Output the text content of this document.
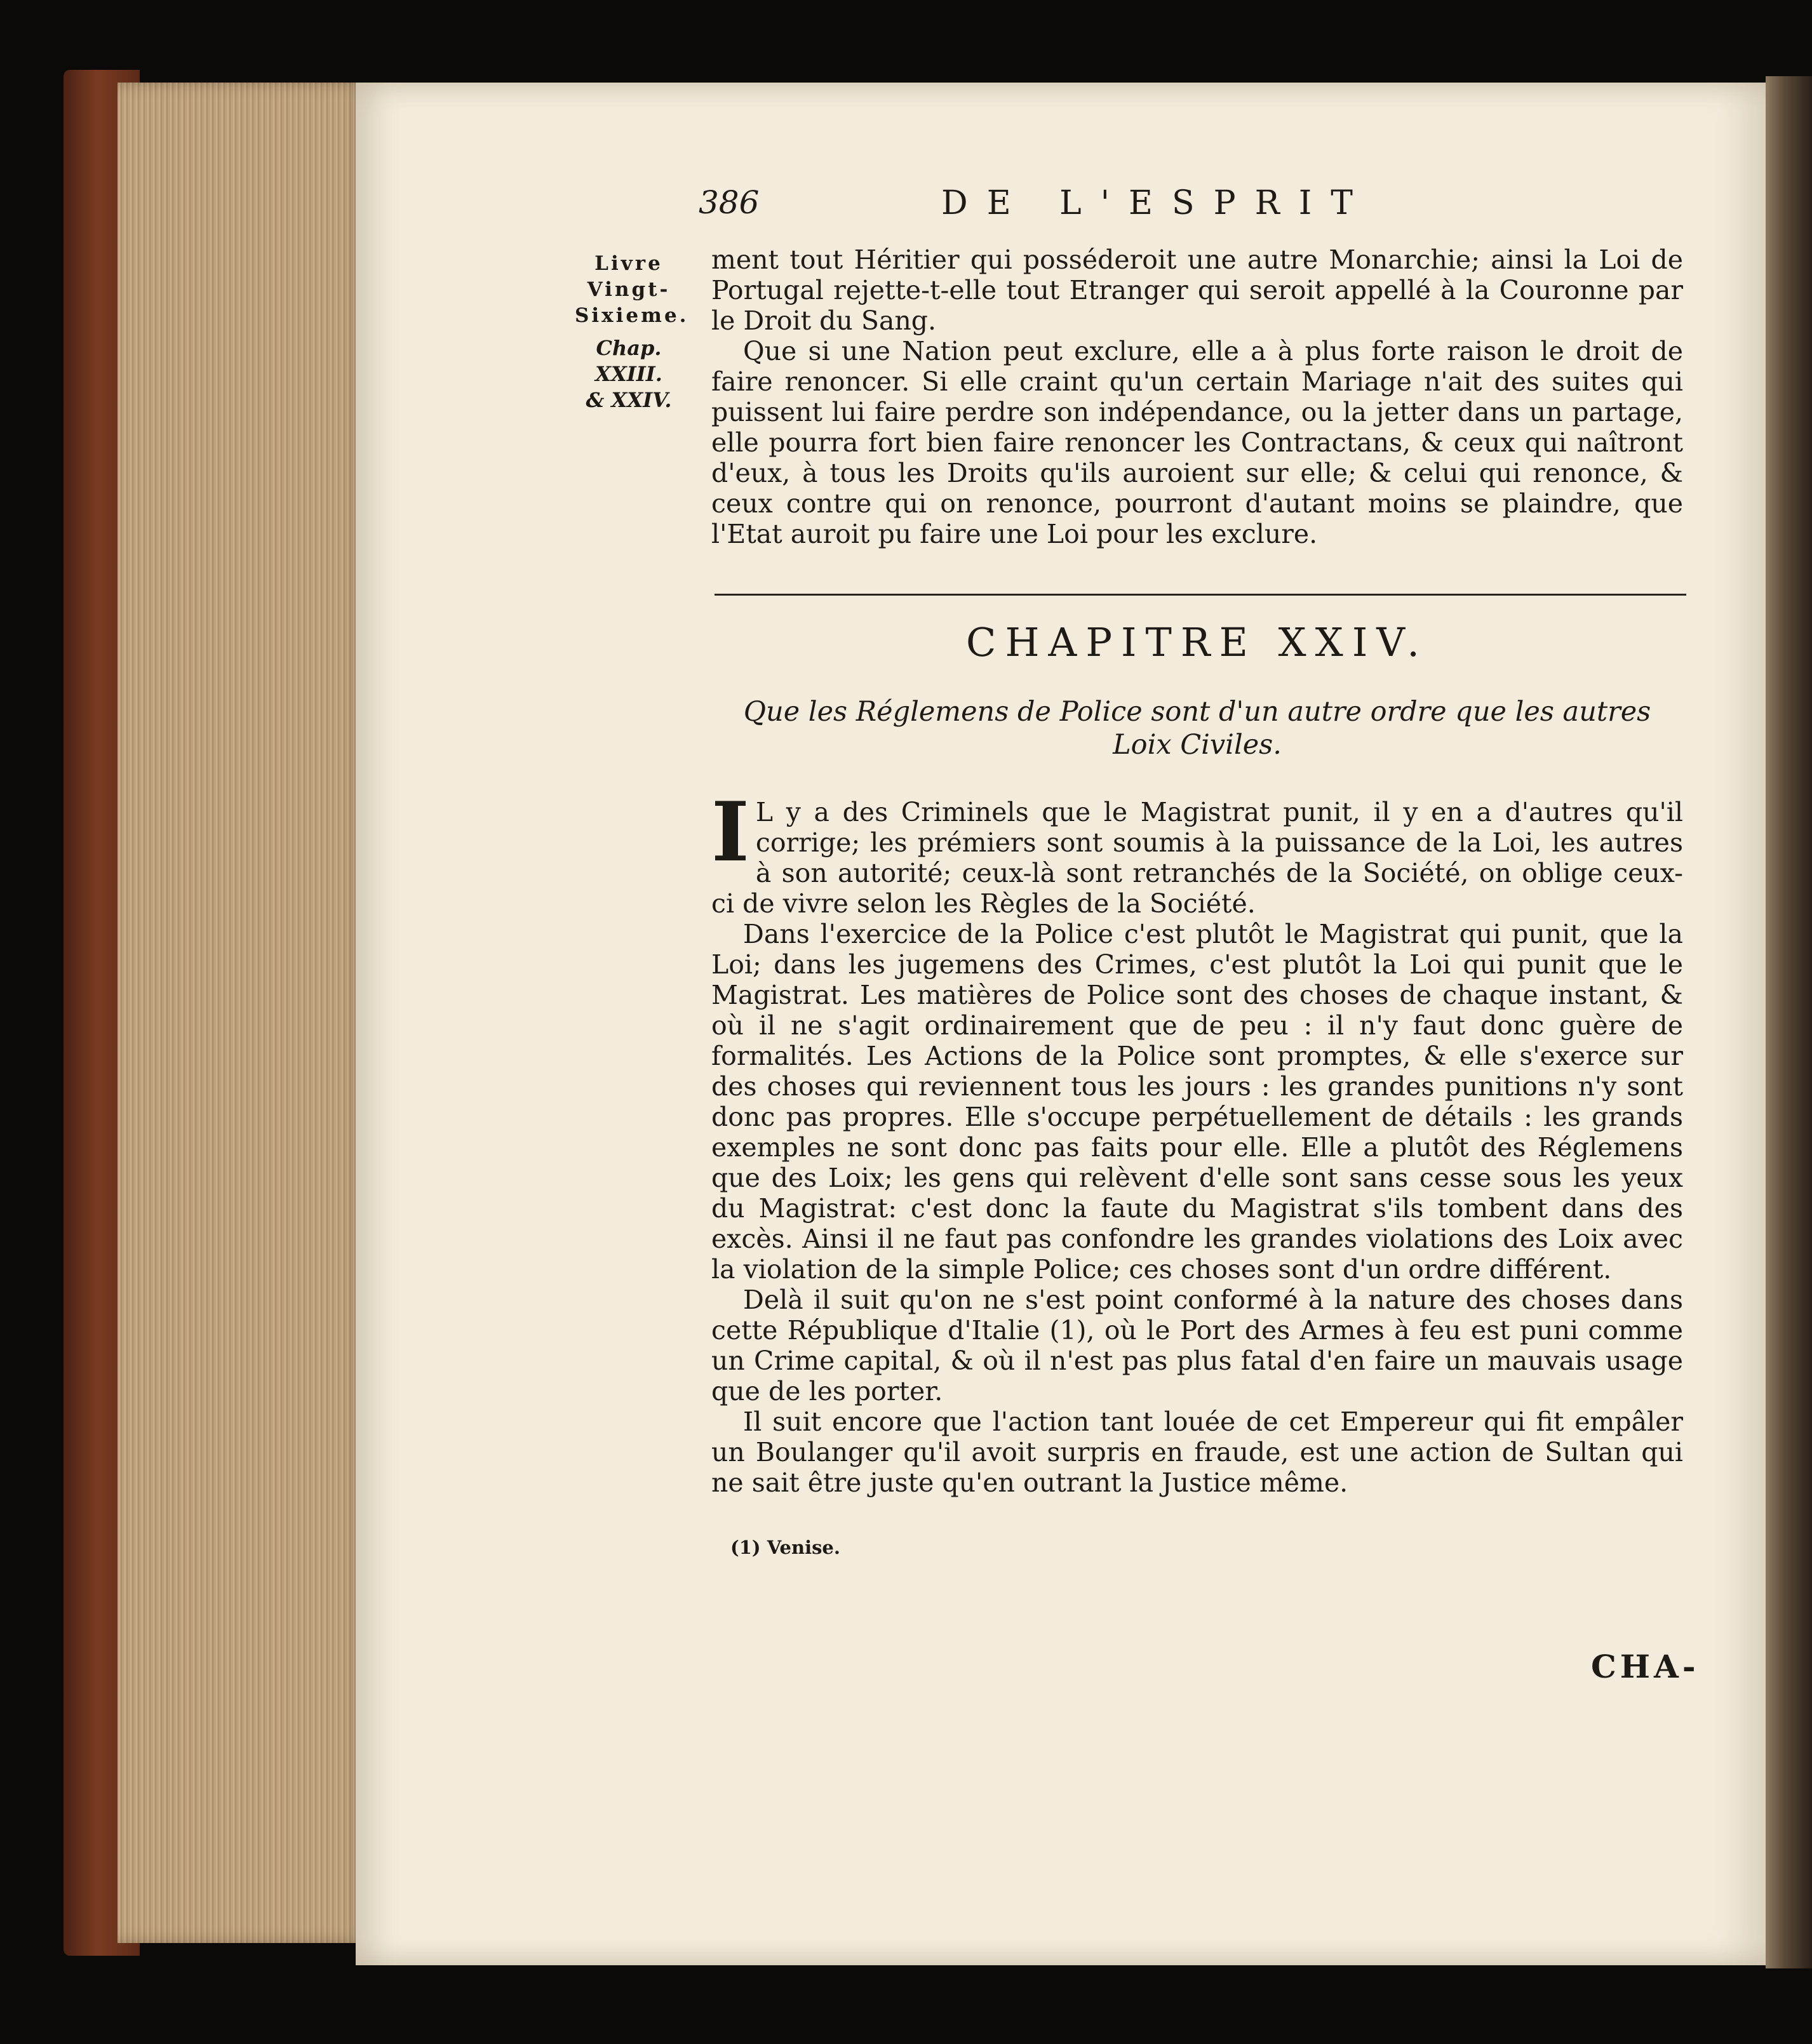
386	DE L'ESPRIT
Livre
Vingt-
Sixieme.
Chap.
XXIII.
& XXIV.

ment tout Héritier qui posséderoit une autre Monarchie; ainsi la Loi de Portugal rejette-t-elle tout Etranger qui seroit appellé à la Couronne par le Droit du Sang.

Que si une Nation peut exclure, elle a à plus forte raison le droit de faire renoncer. Si elle craint qu'un certain Mariage n'ait des suites qui puissent lui faire perdre son indépendance, ou la jetter dans un partage, elle pourra fort bien faire renoncer les Contractans, & ceux qui naîtront d'eux, à tous les Droits qu'ils auroient sur elle; & celui qui renonce, & ceux contre qui on renonce, pourront d'autant moins se plaindre, que l'Etat auroit pu faire une Loi pour les exclure.

CHAPITRE XXIV.
Que les Réglemens de Police sont d'un autre ordre que les autres
Loix Civiles.

I L y a des Criminels que le Magistrat punit, il y en a d'autres qu'il corrige; les prémiers sont soumis à la puissance de la Loi, les autres à son autorité; ceux-là sont retranchés de la Société, on oblige ceux-ci de vivre selon les Règles de la Société.

Dans l'exercice de la Police c'est plutôt le Magistrat qui punit, que la Loi; dans les jugemens des Crimes, c'est plutôt la Loi qui punit que le Magistrat. Les matières de Police sont des choses de chaque instant, & où il ne s'agit ordinairement que de peu : il n'y faut donc guère de formalités. Les Actions de la Police sont promptes, & elle s'exerce sur des choses qui reviennent tous les jours : les grandes punitions n'y sont donc pas propres. Elle s'occupe perpétuellement de détails : les grands exemples ne sont donc pas faits pour elle. Elle a plutôt des Réglemens que des Loix; les gens qui relèvent d'elle sont sans cesse sous les yeux du Magistrat: c'est donc la faute du Magistrat s'ils tombent dans des excès. Ainsi il ne faut pas confondre les grandes violations des Loix avec la violation de la simple Police; ces choses sont d'un ordre différent.

Delà il suit qu'on ne s'est point conformé à la nature des choses dans cette République d'Italie (1), où le Port des Armes à feu est puni comme un Crime capital, & où il n'est pas plus fatal d'en faire un mauvais usage que de les porter.

Il suit encore que l'action tant louée de cet Empereur qui fit empâler un Boulanger qu'il avoit surpris en fraude, est une action de Sultan qui ne sait être juste qu'en outrant la Justice même.

(1) Venise.
CHA-
